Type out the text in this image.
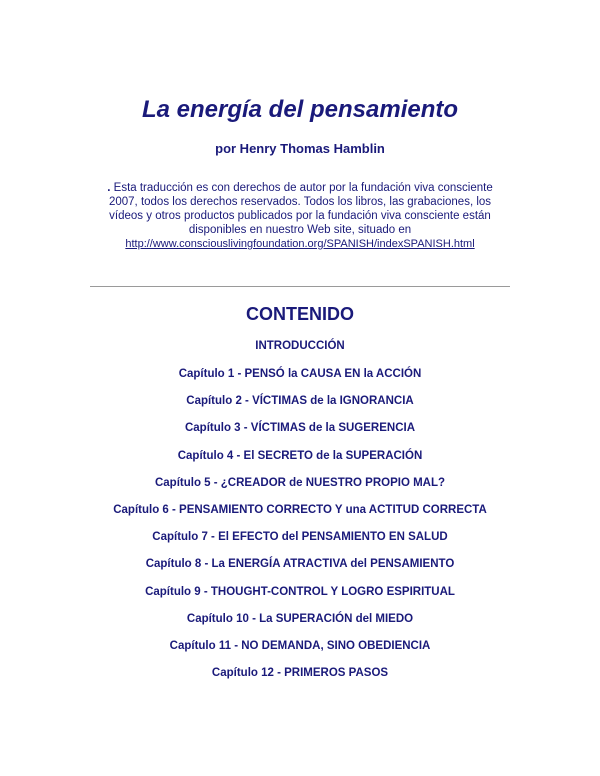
La energía del pensamiento
por Henry Thomas Hamblin
. Esta traducción es con derechos de autor por la fundación viva consciente 2007, todos los derechos reservados. Todos los libros, las grabaciones, los vídeos y otros productos publicados por la fundación viva consciente están disponibles en nuestro Web site, situado en
http://www.consciouslivingfoundation.org/SPANISH/indexSPANISH.html
CONTENIDO
INTRODUCCIÓN
Capítulo 1 - PENSÓ la CAUSA EN la ACCIÓN
Capítulo 2 - VÍCTIMAS de la IGNORANCIA
Capítulo 3 - VÍCTIMAS de la SUGERENCIA
Capítulo 4 - El SECRETO de la SUPERACIÓN
Capítulo 5 - ¿CREADOR de NUESTRO PROPIO MAL?
Capítulo 6 - PENSAMIENTO CORRECTO Y una ACTITUD CORRECTA
Capítulo 7 - El EFECTO del PENSAMIENTO EN SALUD
Capítulo 8 - La ENERGÍA ATRACTIVA del PENSAMIENTO
Capítulo 9 - THOUGHT-CONTROL Y LOGRO ESPIRITUAL
Capítulo 10 - La SUPERACIÓN del MIEDO
Capítulo 11 - NO DEMANDA, SINO OBEDIENCIA
Capítulo 12 - PRIMEROS PASOS
